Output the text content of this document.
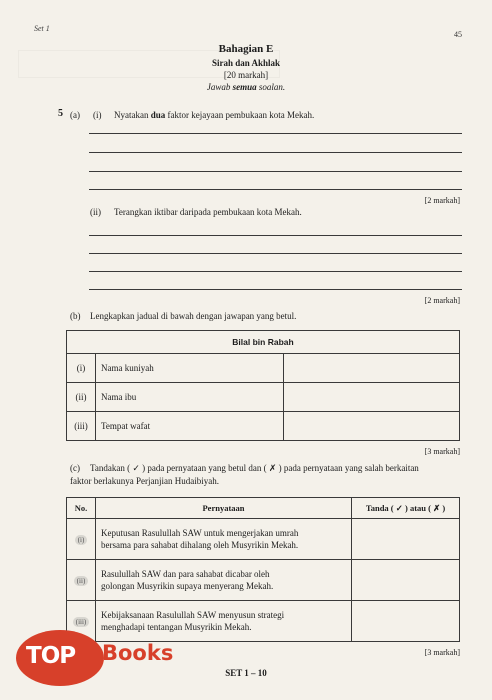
Set 1
45
Bahagian E
Sirah dan Akhlak
[20 markah]
Jawab semua soalan.
5 (a) (i) Nyatakan dua faktor kejayaan pembukaan kota Mekah.
[2 markah]
(ii) Terangkan iktibar daripada pembukaan kota Mekah.
[2 markah]
(b) Lengkapkan jadual di bawah dengan jawapan yang betul.
Bilal bin Rabah		
(i)	Nama kuniyah	
(ii)	Nama ibu	
(iii)	Tempat wafat	
[3 markah]
(c) Tandakan ( ✓ ) pada pernyataan yang betul dan ( ✗ ) pada pernyataan yang salah berkaitan
faktor berlakunya Perjanjian Hudaibiyah.
No.	Pernyataan	Tanda ( ✓ ) atau ( ✗ )
(i)	Keputusan Rasulullah SAW untuk mengerjakan umrah
bersama para sahabat dihalang oleh Musyrikin Mekah.	
(ii)	Rasulullah SAW dan para sahabat dicabar oleh
golongan Musyrikin supaya menyerang Mekah.	
(iii)	Kebijaksanaan Rasulullah SAW menyusun strategi
menghadapi tentangan Musyrikin Mekah.	
[3 markah]
SET 1 – 10
TOP Books
